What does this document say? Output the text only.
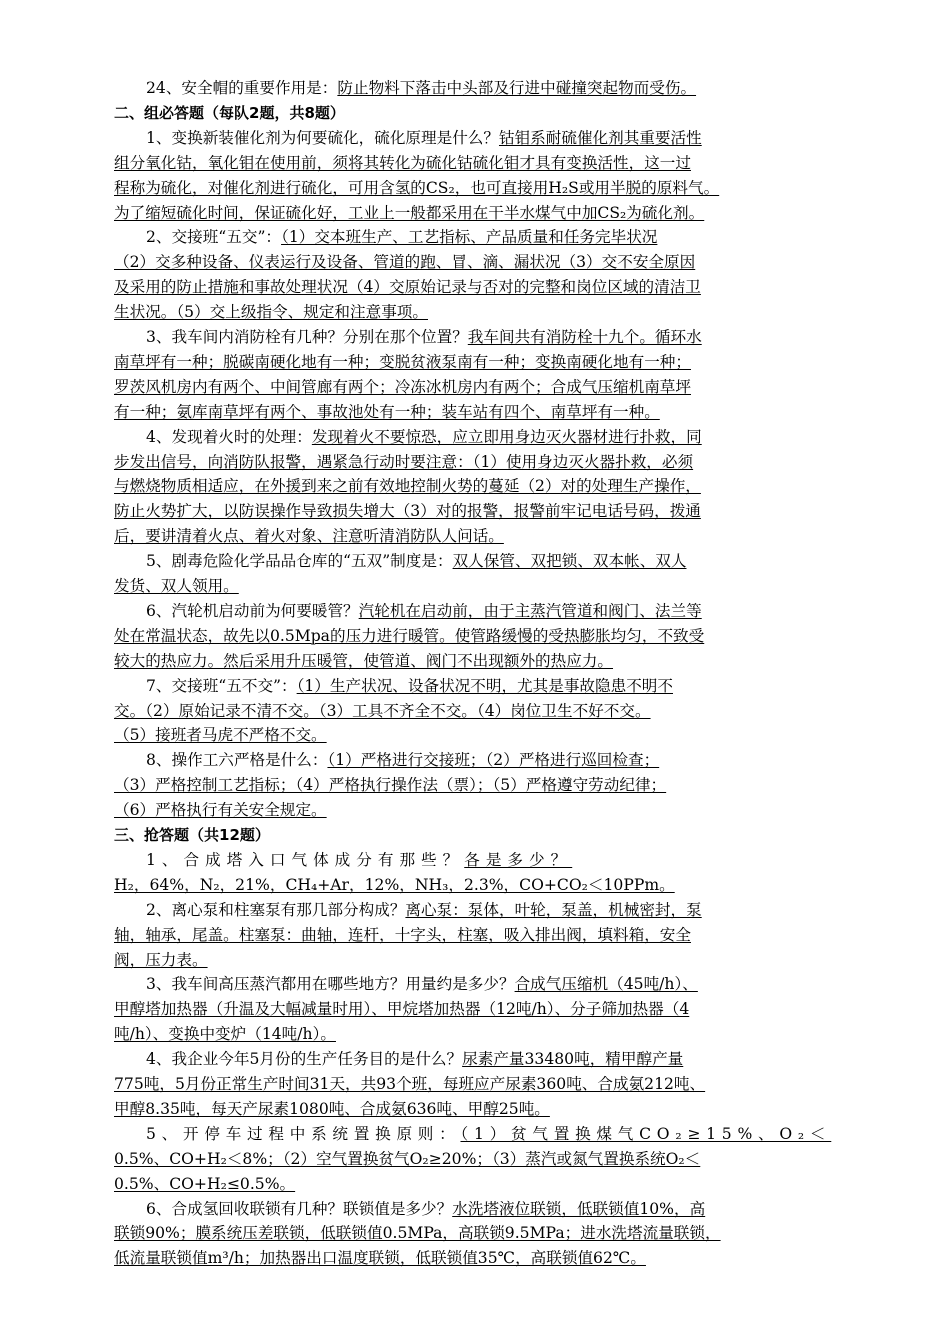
24、安全帽的重要作用是：防止物料下落击中头部及行进中碰撞突起物而受伤。
二、组必答题（每队2题，共8题）
1、变换新装催化剂为何要硫化，硫化原理是什么？钴钼系耐硫催化剂其重要活性
组分氧化钴，氧化钼在使用前，须将其转化为硫化钴硫化钼才具有变换活性，这一过
程称为硫化，对催化剂进行硫化，可用含氢的CS₂，也可直接用H₂S或用半脱的原料气。
为了缩短硫化时间，保证硫化好，工业上一般都采用在干半水煤气中加CS₂为硫化剂。
2、交接班“五交”：（1）交本班生产、工艺指标、产品质量和任务完毕状况
（2）交多种设备、仪表运行及设备、管道的跑、冒、滴、漏状况（3）交不安全原因
及采用的防止措施和事故处理状况（4）交原始记录与否对的完整和岗位区域的清洁卫
生状况。（5）交上级指令、规定和注意事项。
3、我车间内消防栓有几种？分别在那个位置？我车间共有消防栓十九个。循环水
南草坪有一种；脱碳南硬化地有一种；变脱贫液泵南有一种；变换南硬化地有一种；
罗茨风机房内有两个、中间管廊有两个；冷冻冰机房内有两个；合成气压缩机南草坪
有一种；氨库南草坪有两个、事故池处有一种；装车站有四个、南草坪有一种。
4、发现着火时的处理：发现着火不要惊恐，应立即用身边灭火器材进行扑救，同
步发出信号，向消防队报警，遇紧急行动时要注意：（1）使用身边灭火器扑救，必须
与燃烧物质相适应，在外援到来之前有效地控制火势的蔓延（2）对的处理生产操作，
防止火势扩大，以防误操作导致损失增大（3）对的报警，报警前牢记电话号码，拨通
后，要讲清着火点、着火对象、注意听清消防队人问话。
5、剧毒危险化学品品仓库的“五双”制度是：双人保管、双把锁、双本帐、双人
发货、双人领用。
6、汽轮机启动前为何要暖管？汽轮机在启动前，由于主蒸汽管道和阀门、法兰等
处在常温状态，故先以0.5Mpa的压力进行暖管。使管路缓慢的受热膨胀均匀，不致受
较大的热应力。然后采用升压暖管，使管道、阀门不出现额外的热应力。
7、交接班“五不交”：（1）生产状况、设备状况不明，尤其是事故隐患不明不
交。（2）原始记录不清不交。（3）工具不齐全不交。（4）岗位卫生不好不交。
（5）接班者马虎不严格不交。
8、操作工六严格是什么：（1）严格进行交接班；（2）严格进行巡回检查；
（3）严格控制工艺指标；（4）严格执行操作法（票）；（5）严格遵守劳动纪律；
（6）严格执行有关安全规定。
三、抢答题（共12题）
1、合成塔入口气体成分有那些？各是多少？
H₂，64%，N₂，21%，CH₄+Ar，12%，NH₃，2.3%，CO+CO₂＜10PPm。
2、离心泵和柱塞泵有那几部分构成？离心泵：泵体，叶轮，泵盖，机械密封，泵
轴，轴承，尾盖。柱塞泵：曲轴，连杆，十字头，柱塞，吸入排出阀，填料箱，安全
阀，压力表。
3、我车间高压蒸汽都用在哪些地方？用量约是多少？合成气压缩机（45吨/h）、
甲醇塔加热器（升温及大幅减量时用）、甲烷塔加热器（12吨/h）、分子筛加热器（4
吨/h）、变换中变炉（14吨/h）。
4、我企业今年5月份的生产任务目的是什么？尿素产量33480吨，精甲醇产量
775吨，5月份正常生产时间31天，共93个班，每班应产尿素360吨、合成氨212吨、
甲醇8.35吨，每天产尿素1080吨、合成氨636吨、甲醇25吨。
5、开停车过程中系统置换原则：（1）贫气置换煤气CO₂≥15%、O₂＜
0.5%、CO+H₂＜8%；（2）空气置换贫气O₂≥20%；（3）蒸汽或氮气置换系统O₂＜
0.5%、CO+H₂≤0.5%。
6、合成氢回收联锁有几种？联锁值是多少？水洗塔液位联锁，低联锁值10%，高
联锁90%；膜系统压差联锁，低联锁值0.5MPa，高联锁9.5MPa；进水洗塔流量联锁，
低流量联锁值m³/h；加热器出口温度联锁，低联锁值35℃，高联锁值62℃。
